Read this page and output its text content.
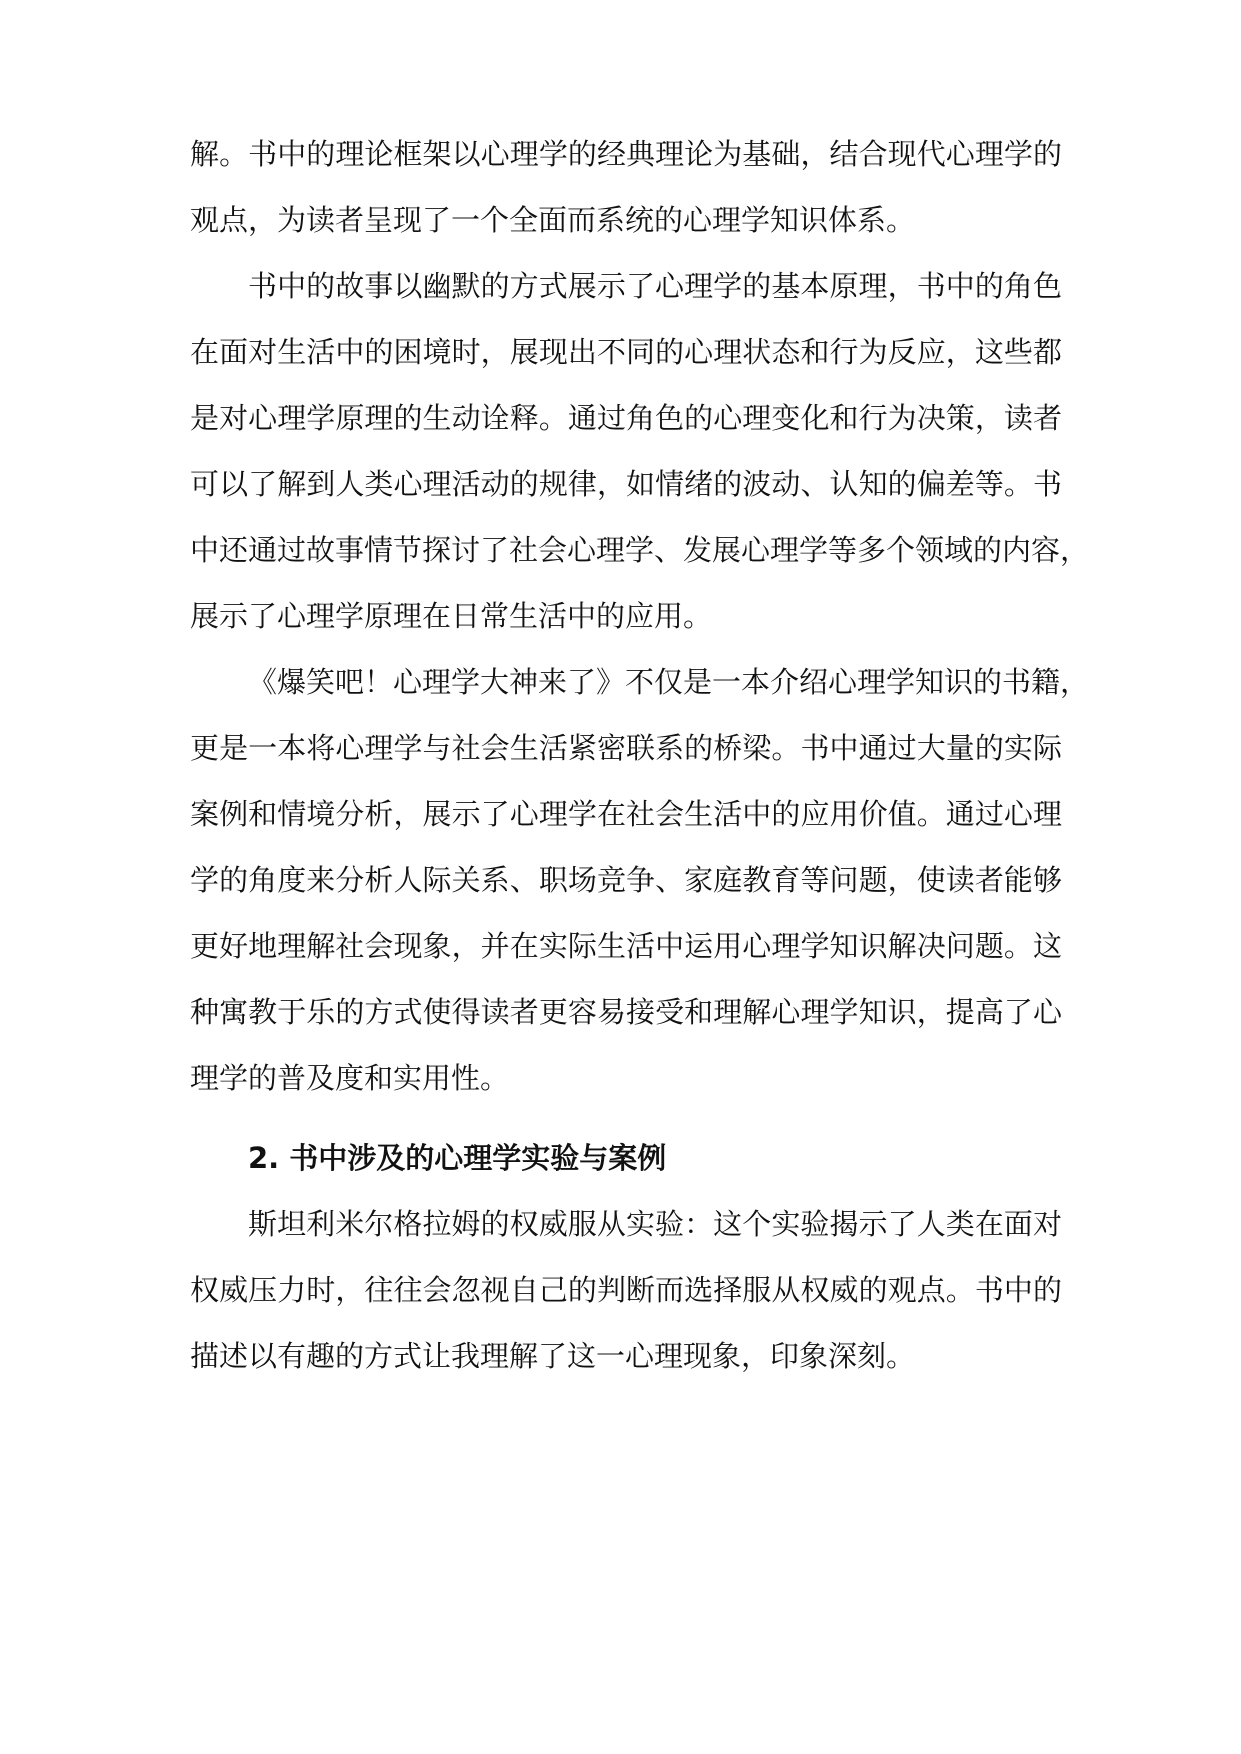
解。书中的理论框架以心理学的经典理论为基础，结合现代心理学的
观点，为读者呈现了一个全面而系统的心理学知识体系。
书中的故事以幽默的方式展示了心理学的基本原理，书中的角色
在面对生活中的困境时，展现出不同的心理状态和行为反应，这些都
是对心理学原理的生动诠释。通过角色的心理变化和行为决策，读者
可以了解到人类心理活动的规律，如情绪的波动、认知的偏差等。书
中还通过故事情节探讨了社会心理学、发展心理学等多个领域的内容，
展示了心理学原理在日常生活中的应用。
《爆笑吧！心理学大神来了》不仅是一本介绍心理学知识的书籍，
更是一本将心理学与社会生活紧密联系的桥梁。书中通过大量的实际
案例和情境分析，展示了心理学在社会生活中的应用价值。通过心理
学的角度来分析人际关系、职场竞争、家庭教育等问题，使读者能够
更好地理解社会现象，并在实际生活中运用心理学知识解决问题。这
种寓教于乐的方式使得读者更容易接受和理解心理学知识，提高了心
理学的普及度和实用性。
2. 书中涉及的心理学实验与案例
斯坦利米尔格拉姆的权威服从实验：这个实验揭示了人类在面对
权威压力时，往往会忽视自己的判断而选择服从权威的观点。书中的
描述以有趣的方式让我理解了这一心理现象，印象深刻。
